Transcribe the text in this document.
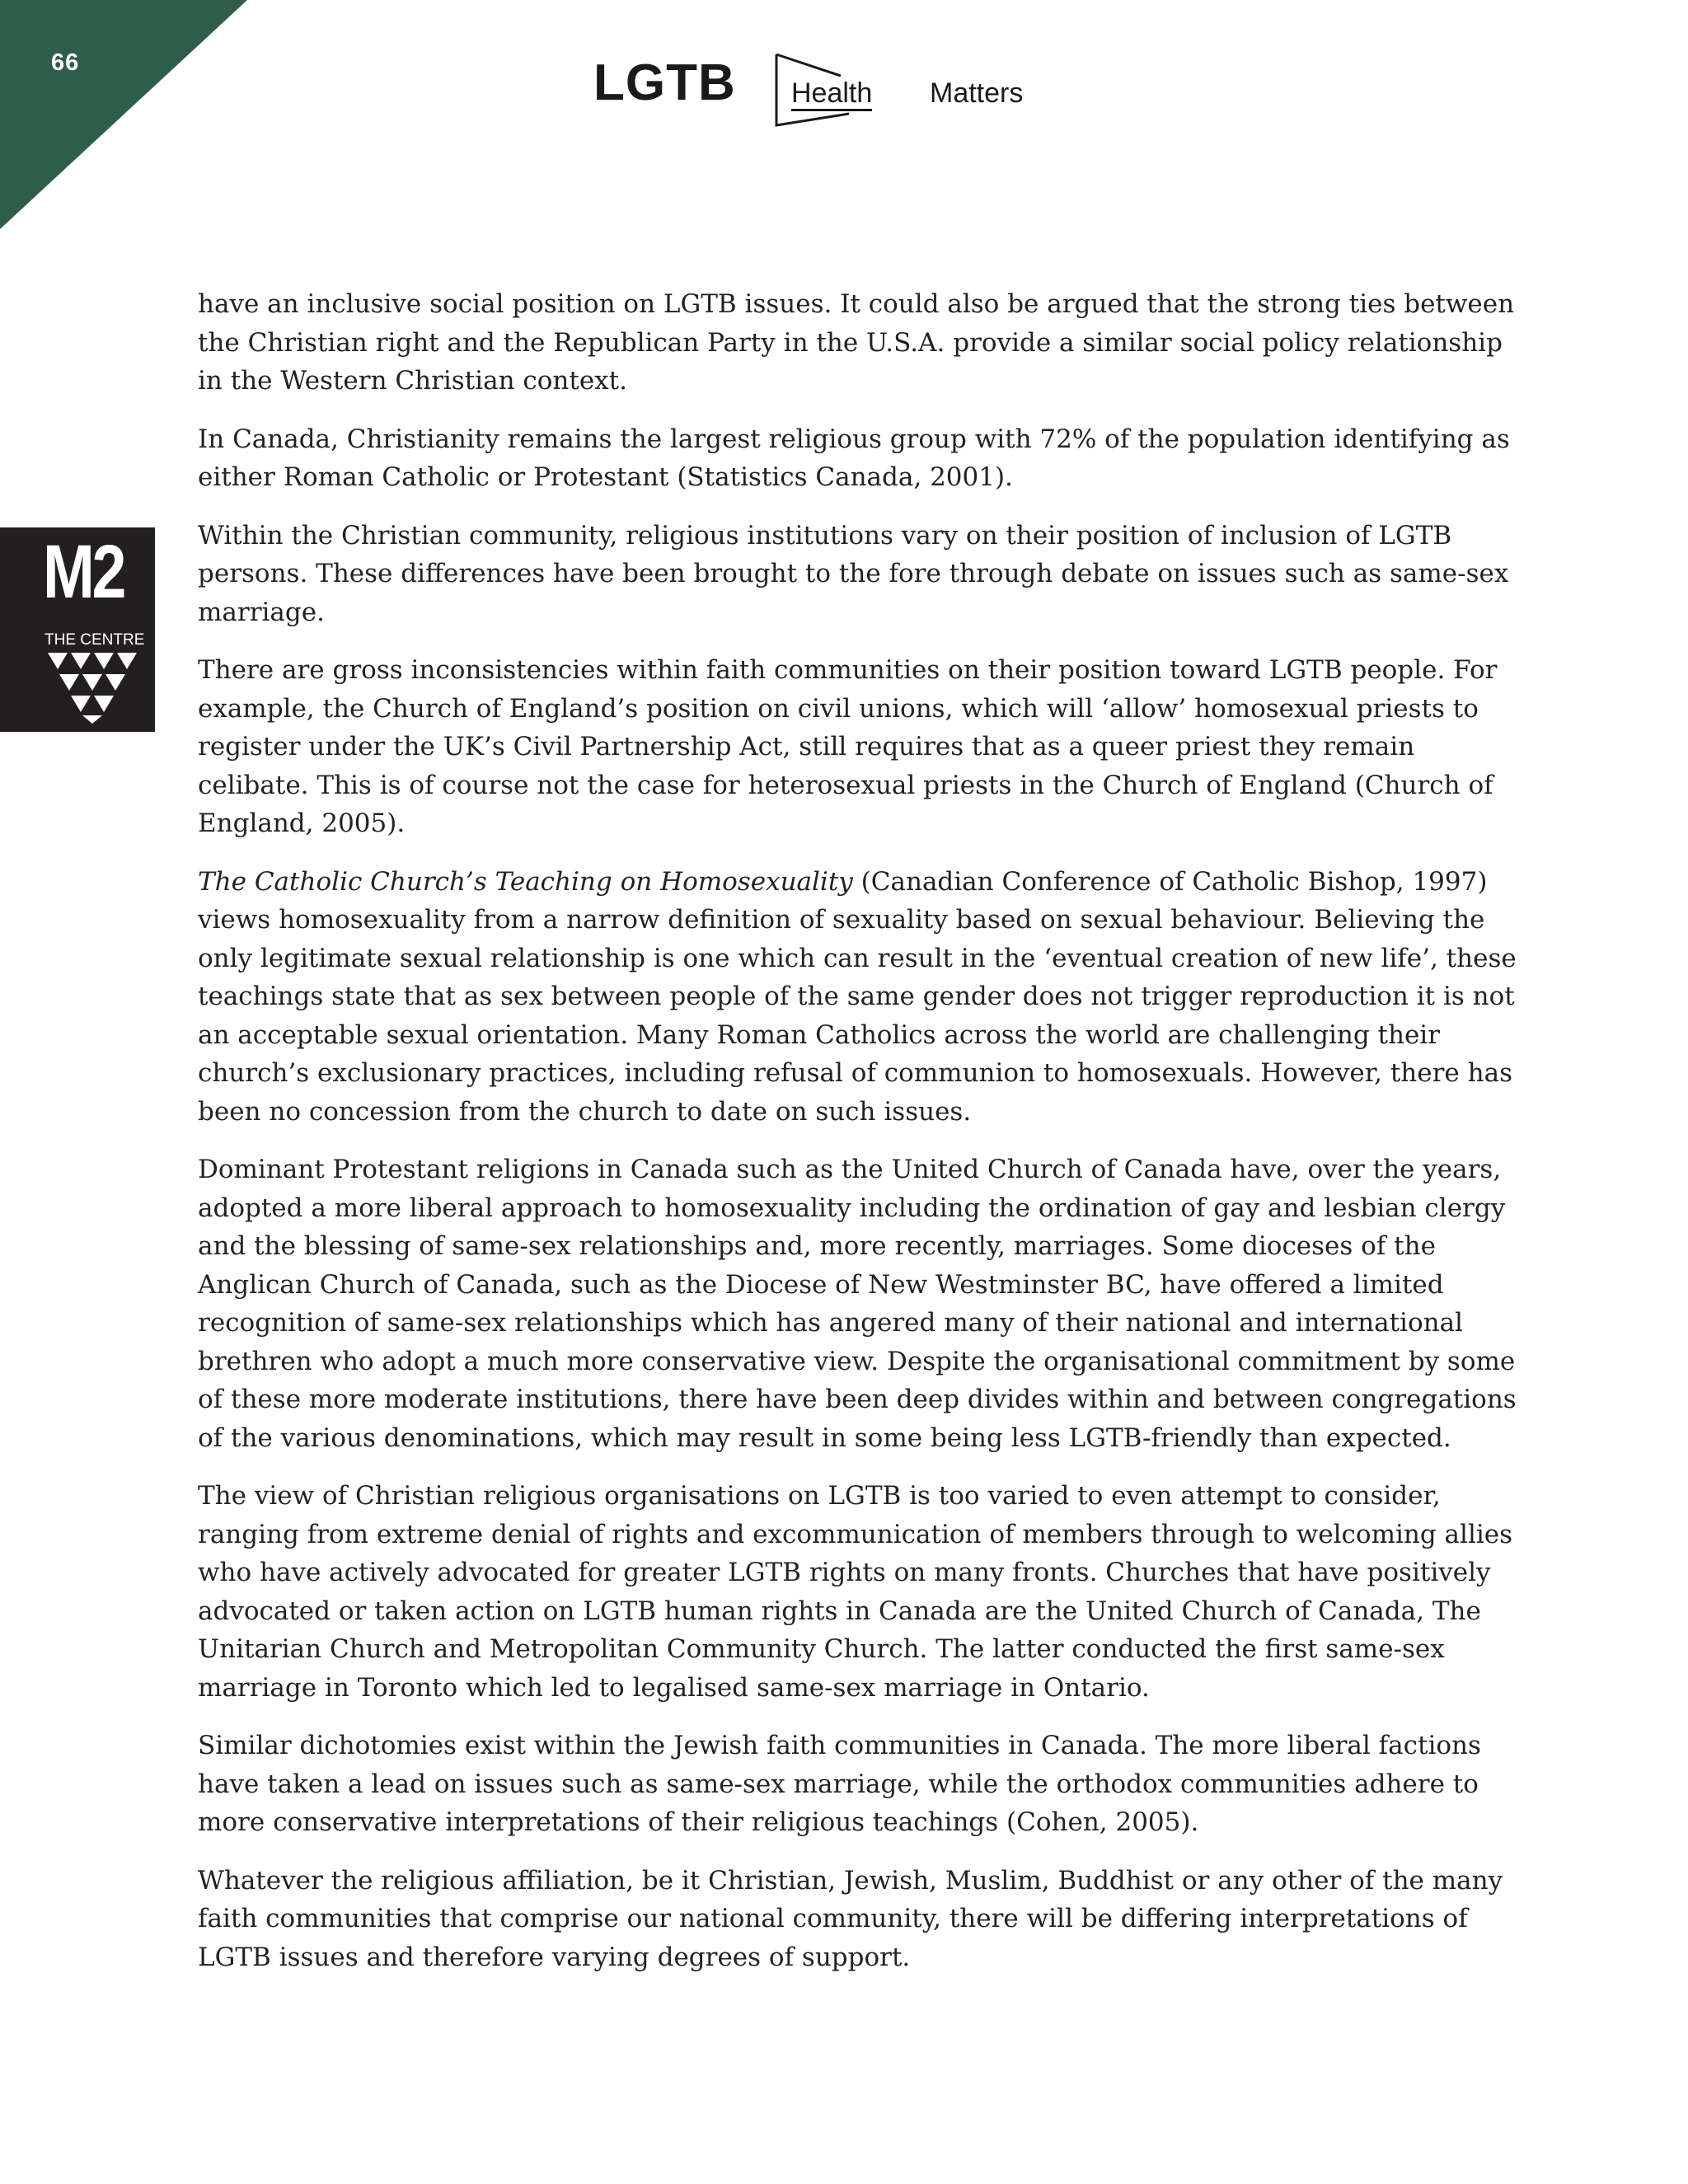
66	LGTB Health Matters
M2
THE CENTRE

have an inclusive social position on LGTB issues. It could also be argued that the strong ties between the Christian right and the Republican Party in the U.S.A. provide a similar social policy relationship in the Western Christian context.

In Canada, Christianity remains the largest religious group with 72% of the population identifying as either Roman Catholic or Protestant (Statistics Canada, 2001).

Within the Christian community, religious institutions vary on their position of inclusion of LGTB persons. These differences have been brought to the fore through debate on issues such as same-sex marriage.

There are gross inconsistencies within faith communities on their position toward LGTB people. For example, the Church of England’s position on civil unions, which will ‘allow’ homosexual priests to register under the UK’s Civil Partnership Act, still requires that as a queer priest they remain celibate. This is of course not the case for heterosexual priests in the Church of England (Church of England, 2005).

The Catholic Church’s Teaching on Homosexuality (Canadian Conference of Catholic Bishop, 1997) views homosexuality from a narrow definition of sexuality based on sexual behaviour. Believing the only legitimate sexual relationship is one which can result in the ‘eventual creation of new life’, these teachings state that as sex between people of the same gender does not trigger reproduction it is not an acceptable sexual orientation. Many Roman Catholics across the world are challenging their church’s exclusionary practices, including refusal of communion to homosexuals. However, there has been no concession from the church to date on such issues.

Dominant Protestant religions in Canada such as the United Church of Canada have, over the years, adopted a more liberal approach to homosexuality including the ordination of gay and lesbian clergy and the blessing of same-sex relationships and, more recently, marriages. Some dioceses of the Anglican Church of Canada, such as the Diocese of New Westminster BC, have offered a limited recognition of same-sex relationships which has angered many of their national and international brethren who adopt a much more conservative view. Despite the organisational commitment by some of these more moderate institutions, there have been deep divides within and between congregations of the various denominations, which may result in some being less LGTB-friendly than expected.

The view of Christian religious organisations on LGTB is too varied to even attempt to consider, ranging from extreme denial of rights and excommunication of members through to welcoming allies who have actively advocated for greater LGTB rights on many fronts. Churches that have positively advocated or taken action on LGTB human rights in Canada are the United Church of Canada, The Unitarian Church and Metropolitan Community Church. The latter conducted the first same-sex marriage in Toronto which led to legalised same-sex marriage in Ontario.

Similar dichotomies exist within the Jewish faith communities in Canada. The more liberal factions have taken a lead on issues such as same-sex marriage, while the orthodox communities adhere to more conservative interpretations of their religious teachings (Cohen, 2005).

Whatever the religious affiliation, be it Christian, Jewish, Muslim, Buddhist or any other of the many faith communities that comprise our national community, there will be differing interpretations of LGTB issues and therefore varying degrees of support.
